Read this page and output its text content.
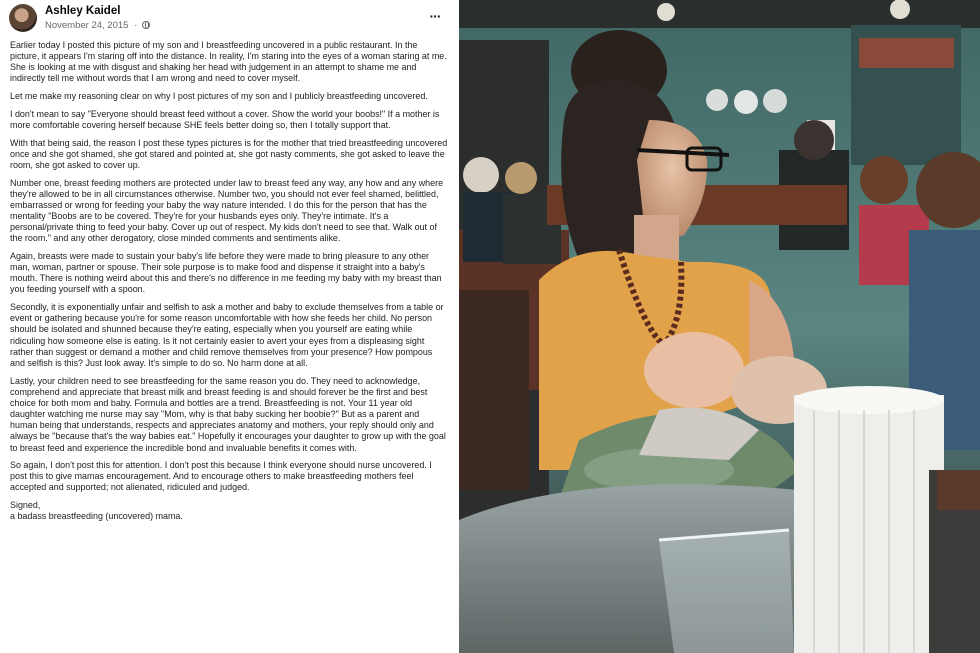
Ashley Kaidel
November 24, 2015 ·
···

Earlier today I posted this picture of my son and I breastfeeding uncovered in a public restaurant. In the picture, it appears I'm staring off into the distance. In reality, I'm staring into the eyes of a woman staring at me. She is looking at me with disgust and shaking her head with judgement in an attempt to shame me and indirectly tell me without words that I am wrong and need to cover myself.

Let me make my reasoning clear on why I post pictures of my son and I publicly breastfeeding uncovered.

I don't mean to say "Everyone should breast feed without a cover. Show the world your boobs!" If a mother is more comfortable covering herself because SHE feels better doing so, then I totally support that.

With that being said, the reason I post these types pictures is for the mother that tried breastfeeding uncovered once and she got shamed, she got stared and pointed at, she got nasty comments, she got asked to leave the room, she got asked to cover up.

Number one, breast feeding mothers are protected under law to breast feed any way, any how and any where they're allowed to be in all circumstances otherwise. Number two, you should not ever feel shamed, belittled, embarrassed or wrong for feeding your baby the way nature intended. I do this for the person that has the mentality "Boobs are to be covered. They're for your husbands eyes only. They're intimate. It's a personal/private thing to feed your baby. Cover up out of respect. My kids don't need to see that. Walk out of the room." and any other derogatory, close minded comments and sentiments alike.

Again, breasts were made to sustain your baby's life before they were made to bring pleasure to any other man, woman, partner or spouse. Their sole purpose is to make food and dispense it straight into a baby's mouth. There is nothing weird about this and there's no difference in me feeding my baby with my breast than you feeding yourself with a spoon.

Secondly, it is exponentially unfair and selfish to ask a mother and baby to exclude themselves from a table or event or gathering because you're for some reason uncomfortable with how she feeds her child. No person should be isolated and shunned because they're eating, especially when you yourself are eating while ridiculing how someone else is eating. Is it not certainly easier to avert your eyes from a displeasing sight rather than suggest or demand a mother and child remove themselves from your presence? How pompous and selfish is this? Just look away. It's simple to do so. No harm done at all.

Lastly, your children need to see breastfeeding for the same reason you do. They need to acknowledge, comprehend and appreciate that breast milk and breast feeding is and should forever be the first and best choice for both mom and baby. Formula and bottles are a trend. Breastfeeding is not. Your 11 year old daughter watching me nurse may say "Mom, why is that baby sucking her boobie?" But as a parent and human being that understands, respects and appreciates anatomy and mothers, your reply should only and always be "because that's the way babies eat." Hopefully it encourages your daughter to grow up with the goal to breast feed and experience the incredible bond and invaluable benefits it comes with.

So again, I don't post this for attention. I don't post this because I think everyone should nurse uncovered. I post this to give mamas encouragement. And to encourage others to make breastfeeding mothers feel accepted and supported; not alienated, ridiculed and judged.

Signed,
a badass breastfeeding (uncovered) mama.
